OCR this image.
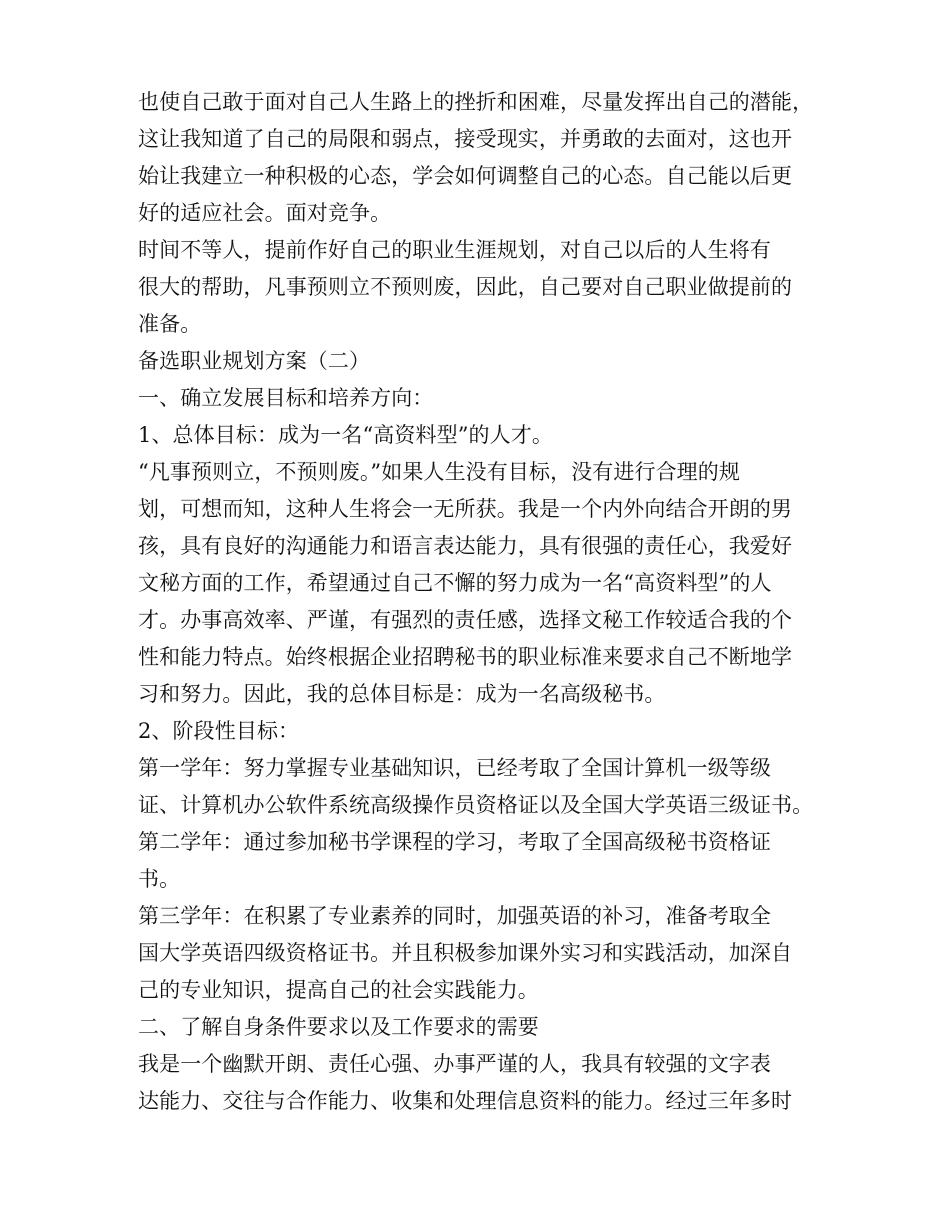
也使自己敢于面对自己人生路上的挫折和困难，尽量发挥出自己的潜能，
这让我知道了自己的局限和弱点，接受现实，并勇敢的去面对，这也开
始让我建立一种积极的心态，学会如何调整自己的心态。自己能以后更
好的适应社会。面对竞争。
时间不等人，提前作好自己的职业生涯规划，对自己以后的人生将有
很大的帮助，凡事预则立不预则废，因此，自己要对自己职业做提前的
准备。
备选职业规划方案（二）
一、确立发展目标和培养方向：
1、总体目标：成为一名“高资料型”的人才。
“凡事预则立，不预则废。”如果人生没有目标，没有进行合理的规
划，可想而知，这种人生将会一无所获。我是一个内外向结合开朗的男
孩，具有良好的沟通能力和语言表达能力，具有很强的责任心，我爱好
文秘方面的工作，希望通过自己不懈的努力成为一名“高资料型”的人
才。办事高效率、严谨，有强烈的责任感，选择文秘工作较适合我的个
性和能力特点。始终根据企业招聘秘书的职业标准来要求自己不断地学
习和努力。因此，我的总体目标是：成为一名高级秘书。
2、阶段性目标：
第一学年：努力掌握专业基础知识，已经考取了全国计算机一级等级
证、计算机办公软件系统高级操作员资格证以及全国大学英语三级证书。
第二学年：通过参加秘书学课程的学习，考取了全国高级秘书资格证
书。
第三学年：在积累了专业素养的同时，加强英语的补习，准备考取全
国大学英语四级资格证书。并且积极参加课外实习和实践活动，加深自
己的专业知识，提高自己的社会实践能力。
二、了解自身条件要求以及工作要求的需要
我是一个幽默开朗、责任心强、办事严谨的人，我具有较强的文字表
达能力、交往与合作能力、收集和处理信息资料的能力。经过三年多时
